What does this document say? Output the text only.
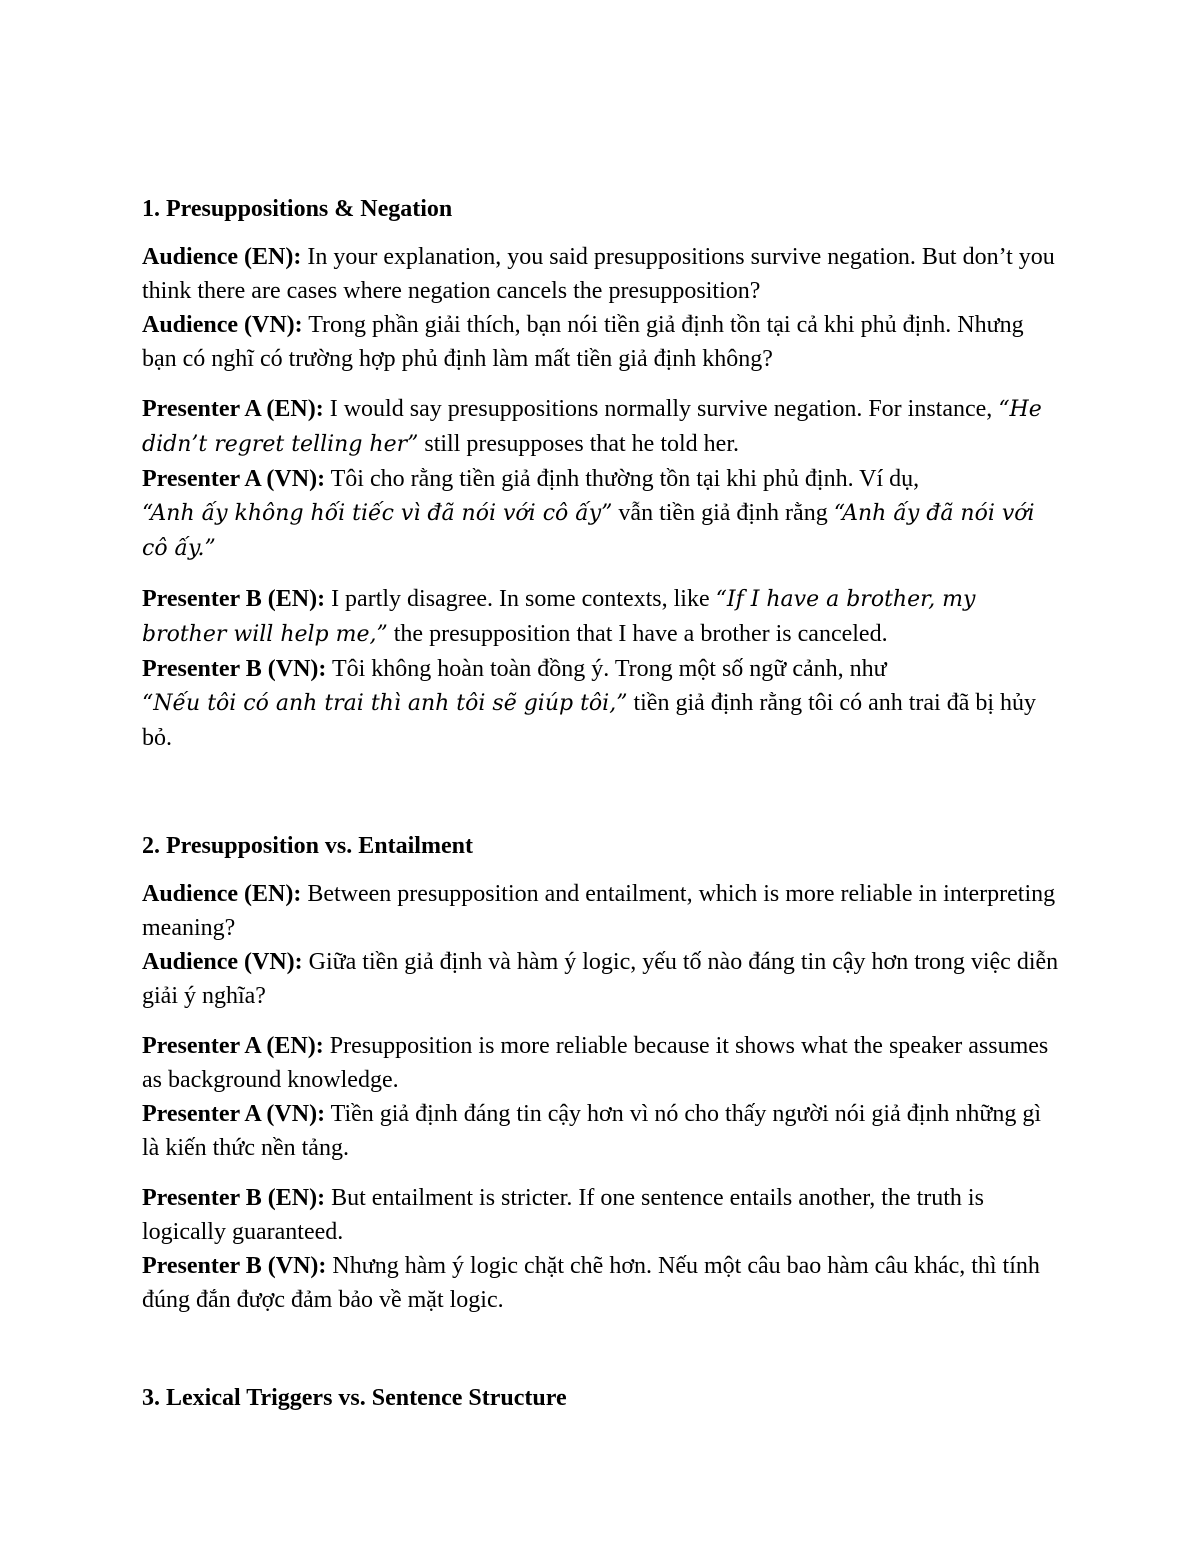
1. Presuppositions & Negation
Audience (EN): In your explanation, you said presuppositions survive negation. But don’t you think there are cases where negation cancels the presupposition?
Audience (VN): Trong phần giải thích, bạn nói tiền giả định tồn tại cả khi phủ định. Nhưng bạn có nghĩ có trường hợp phủ định làm mất tiền giả định không?
Presenter A (EN): I would say presuppositions normally survive negation. For instance, “He didn’t regret telling her” still presupposes that he told her.
Presenter A (VN): Tôi cho rằng tiền giả định thường tồn tại khi phủ định. Ví dụ,
“Anh ấy không hối tiếc vì đã nói với cô ấy” vẫn tiền giả định rằng “Anh ấy đã nói với cô ấy.”
Presenter B (EN): I partly disagree. In some contexts, like “If I have a brother, my brother will help me,” the presupposition that I have a brother is canceled.
Presenter B (VN): Tôi không hoàn toàn đồng ý. Trong một số ngữ cảnh, như
“Nếu tôi có anh trai thì anh tôi sẽ giúp tôi,” tiền giả định rằng tôi có anh trai đã bị hủy bỏ.
2. Presupposition vs. Entailment
Audience (EN): Between presupposition and entailment, which is more reliable in interpreting meaning?
Audience (VN): Giữa tiền giả định và hàm ý logic, yếu tố nào đáng tin cậy hơn trong việc diễn giải ý nghĩa?
Presenter A (EN): Presupposition is more reliable because it shows what the speaker assumes as background knowledge.
Presenter A (VN): Tiền giả định đáng tin cậy hơn vì nó cho thấy người nói giả định những gì là kiến thức nền tảng.
Presenter B (EN): But entailment is stricter. If one sentence entails another, the truth is logically guaranteed.
Presenter B (VN): Nhưng hàm ý logic chặt chẽ hơn. Nếu một câu bao hàm câu khác, thì tính đúng đắn được đảm bảo về mặt logic.
3. Lexical Triggers vs. Sentence Structure
